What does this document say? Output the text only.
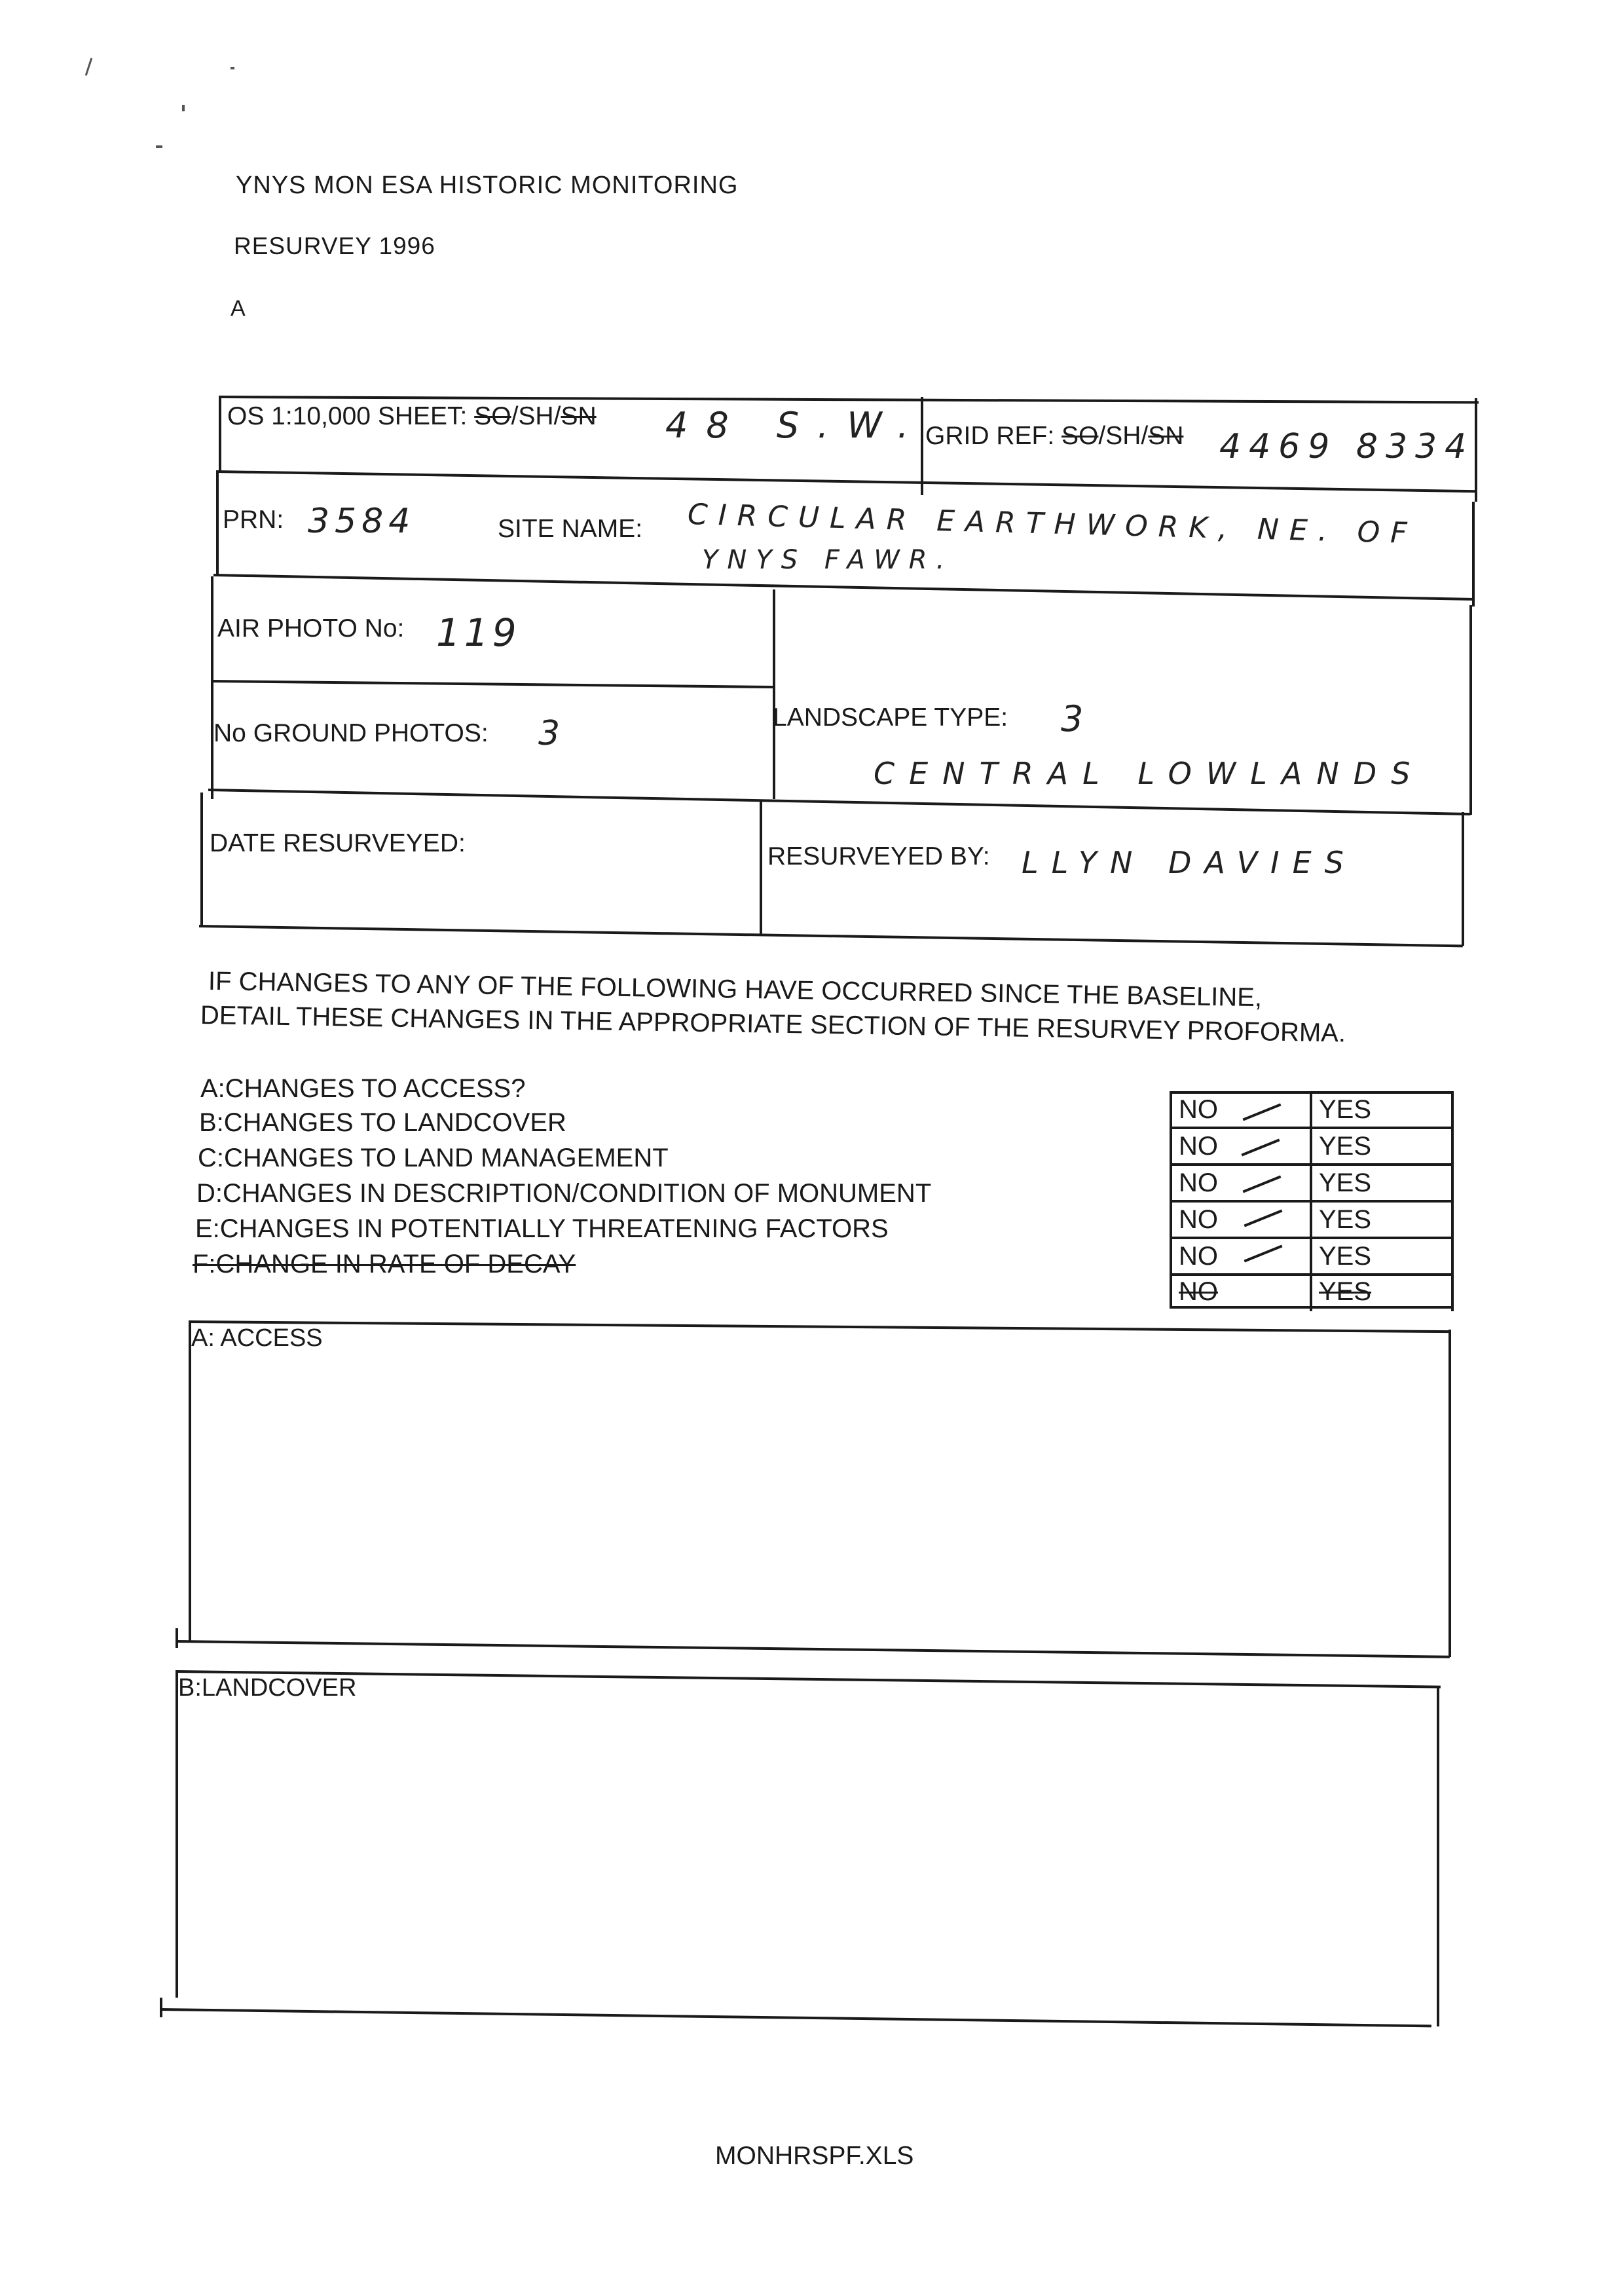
YNYS MON ESA HISTORIC MONITORING
RESURVEY 1996
A
OS 1:10,000 SHEET: SO/SH/SN 48 S.W.
GRID REF: SO/SH/SN 4469 8334
PRN: 3584	SITE NAME: CIRCULAR EARTHWORK, NE. OF
YNYS FAWR.
AIR PHOTO No: 119
No GROUND PHOTOS: 3	LANDSCAPE TYPE: 3
CENTRAL LOWLANDS
DATE RESURVEYED:	RESURVEYED BY: LLYN DAVIES
IF CHANGES TO ANY OF THE FOLLOWING HAVE OCCURRED SINCE THE BASELINE,
DETAIL THESE CHANGES IN THE APPROPRIATE SECTION OF THE RESURVEY PROFORMA.
A:CHANGES TO ACCESS?
B:CHANGES TO LANDCOVER
C:CHANGES TO LAND MANAGEMENT
D:CHANGES IN DESCRIPTION/CONDITION OF MONUMENT
E:CHANGES IN POTENTIALLY THREATENING FACTORS
F:CHANGE IN RATE OF DECAY
NO	YES
NO	YES
NO	YES
NO	YES
NO	YES
NO	YES
A: ACCESS
B:LANDCOVER
MONHRSPF.XLS
